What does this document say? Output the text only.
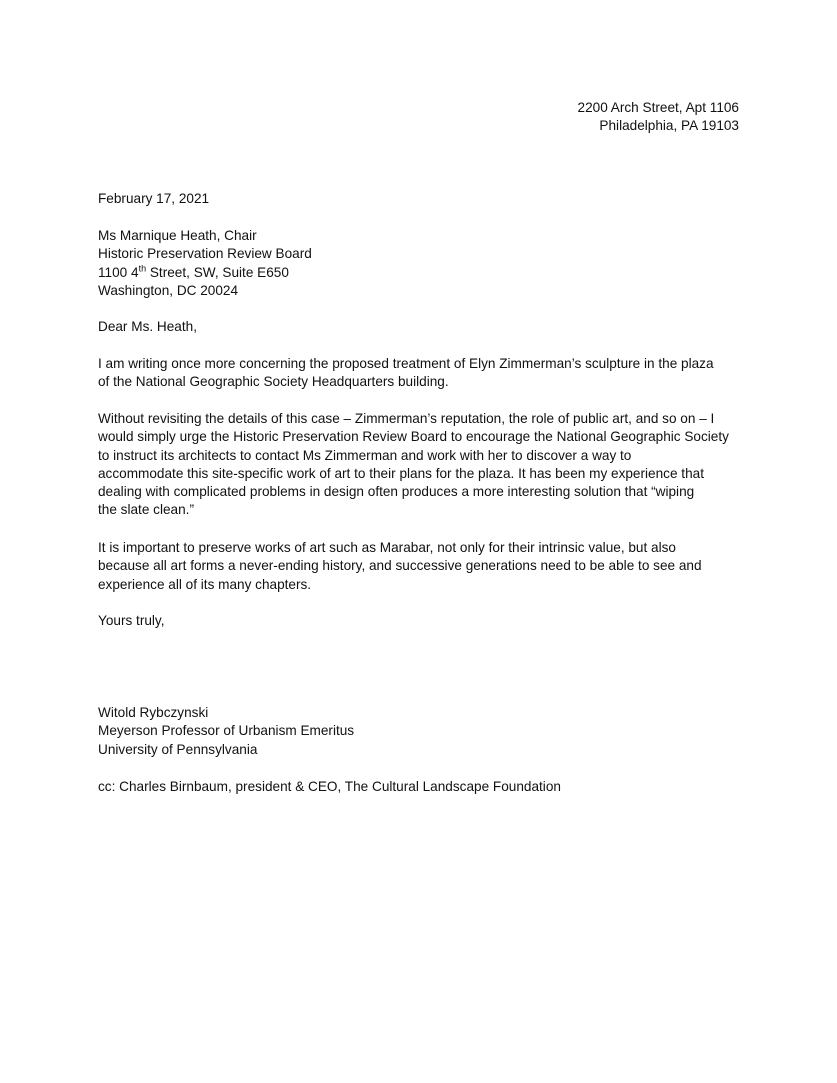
2200 Arch Street, Apt 1106
Philadelphia, PA 19103
February 17, 2021
Ms Marnique Heath, Chair
Historic Preservation Review Board
1100 4th Street, SW, Suite E650
Washington, DC 20024
Dear Ms. Heath,
I am writing once more concerning the proposed treatment of Elyn Zimmerman’s sculpture in the plaza
of the National Geographic Society Headquarters building.
Without revisiting the details of this case – Zimmerman’s reputation, the role of public art, and so on – I
would simply urge the Historic Preservation Review Board to encourage the National Geographic Society
to instruct its architects to contact Ms Zimmerman and work with her to discover a way to
accommodate this site-specific work of art to their plans for the plaza. It has been my experience that
dealing with complicated problems in design often produces a more interesting solution that “wiping
the slate clean.”
It is important to preserve works of art such as Marabar, not only for their intrinsic value, but also
because all art forms a never-ending history, and successive generations need to be able to see and
experience all of its many chapters.
Yours truly,
Witold Rybczynski
Meyerson Professor of Urbanism Emeritus
University of Pennsylvania
cc: Charles Birnbaum, president & CEO, The Cultural Landscape Foundation
